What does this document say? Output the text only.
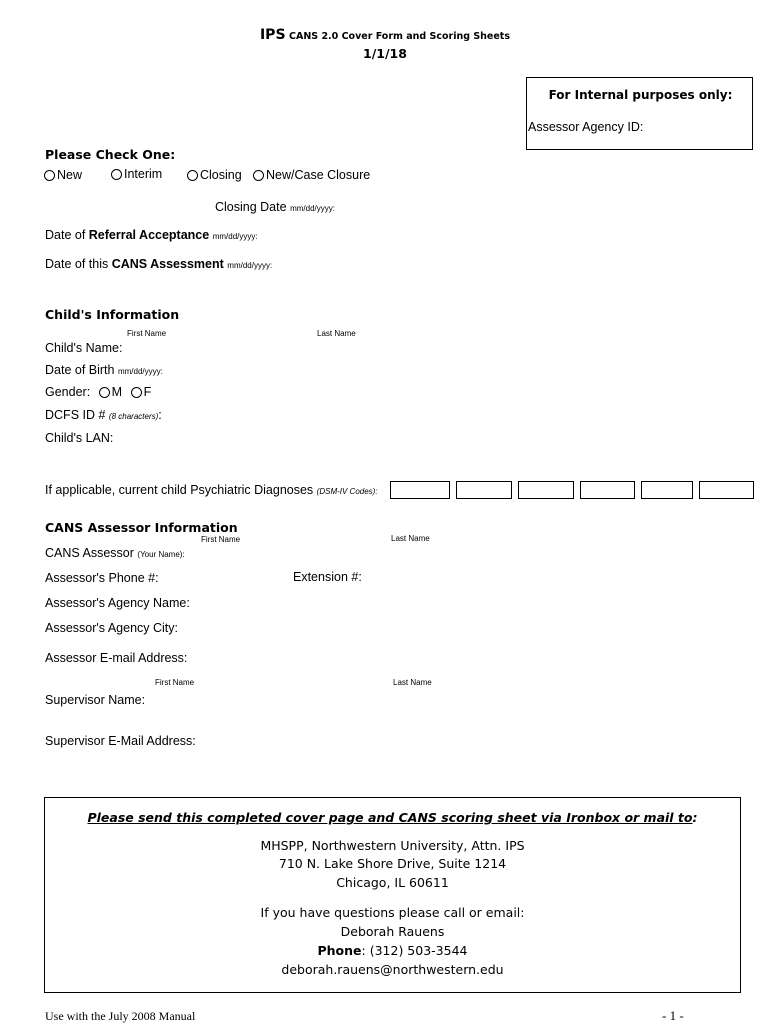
IPS CANS 2.0 Cover Form and Scoring Sheets
1/1/18
For Internal purposes only:
Assessor Agency ID:
Please Check One:
New	Interim	Closing	New/Case Closure
Closing Date mm/dd/yyyy:
Date of Referral Acceptance mm/dd/yyyy:
Date of this CANS Assessment mm/dd/yyyy:
Child's Information
First Name	Last Name
Child's Name:
Date of Birth mm/dd/yyyy:
Gender: M F
DCFS ID # (8 characters):
Child's LAN:
If applicable, current child Psychiatric Diagnoses (DSM-IV Codes):
CANS Assessor Information
First Name	Last Name
CANS Assessor (Your Name):
Assessor's Phone #:	Extension #:
Assessor's Agency Name:
Assessor's Agency City:
Assessor E-mail Address:
First Name	Last Name
Supervisor Name:
Supervisor E-Mail Address:
Please send this completed cover page and CANS scoring sheet via Ironbox or mail to:
MHSPP, Northwestern University, Attn. IPS
710 N. Lake Shore Drive, Suite 1214
Chicago, IL 60611
If you have questions please call or email:
Deborah Rauens
Phone: (312) 503-3544
deborah.rauens@northwestern.edu
Use with the July 2008 Manual	- 1 -
